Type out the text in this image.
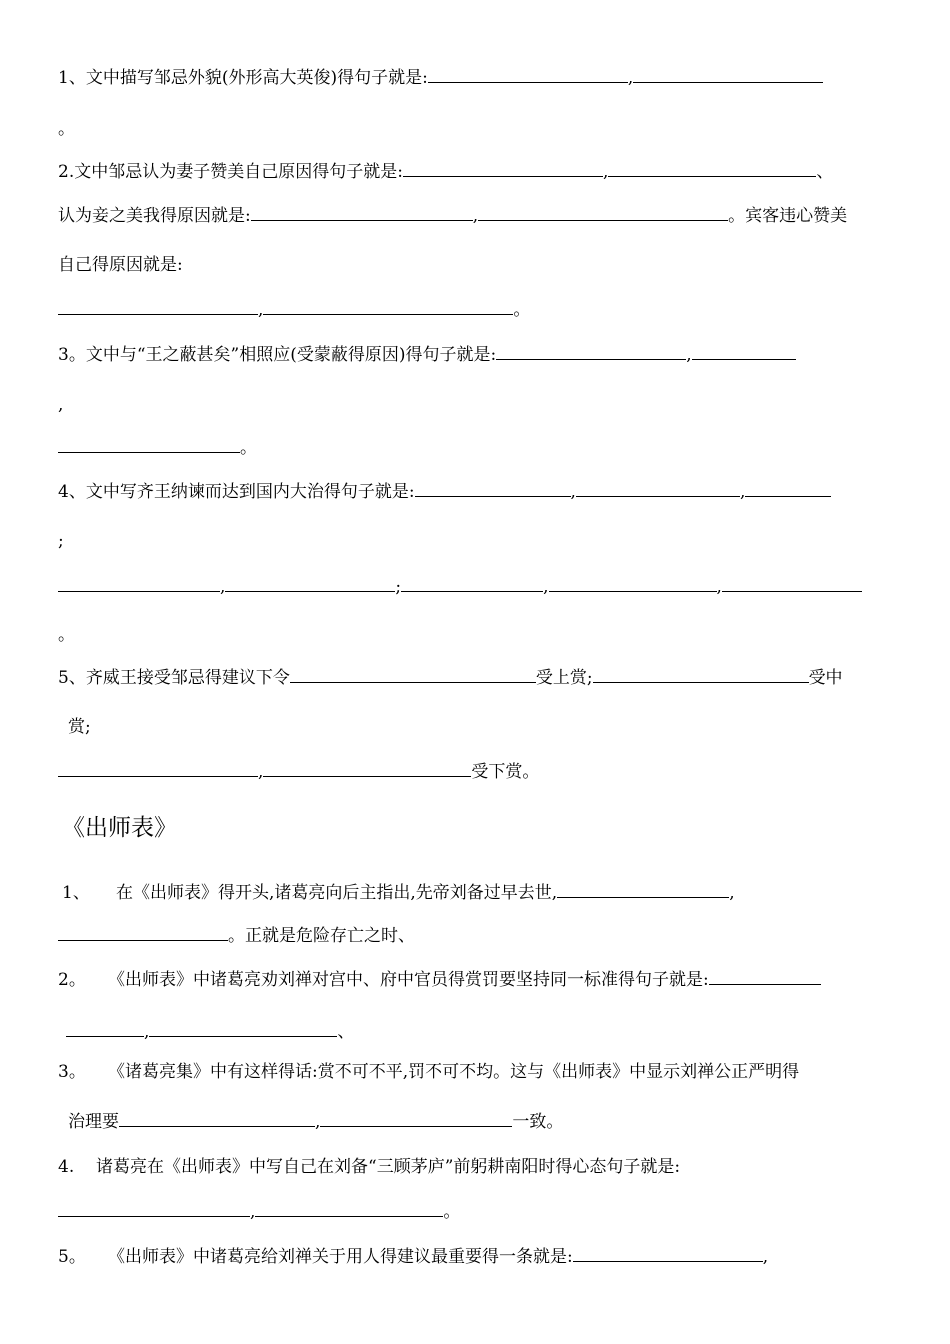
1、文中描写邹忌外貌(外形高大英俊)得句子就是:	,
。
2.文中邹忌认为妻子赞美自己原因得句子就是:	,	、
认为妾之美我得原因就是:	,	。宾客违心赞美
自己得原因就是:
,	。
3。文中与“王之蔽甚矣”相照应(受蒙蔽得原因)得句子就是:	,
,
。
4、文中写齐王纳谏而达到国内大治得句子就是:	,	,
;
,	;	,	,
。
5、齐威王接受邹忌得建议下令	受上赏;	受中
赏;
,	受下赏。
《出师表》
1、 在《出师表》得开头,诸葛亮向后主指出,先帝刘备过早去世,	,
。正就是危险存亡之时、
2。 《出师表》中诸葛亮劝刘禅对宫中、府中官员得赏罚要坚持同一标准得句子就是:
,	、
3。 《诸葛亮集》中有这样得话:赏不可不平,罚不可不均。这与《出师表》中显示刘禅公正严明得
治理要	,	一致。
4. 诸葛亮在《出师表》中写自己在刘备“三顾茅庐”前躬耕南阳时得心态句子就是:
,	。
5。 《出师表》中诸葛亮给刘禅关于用人得建议最重要得一条就是:	,
